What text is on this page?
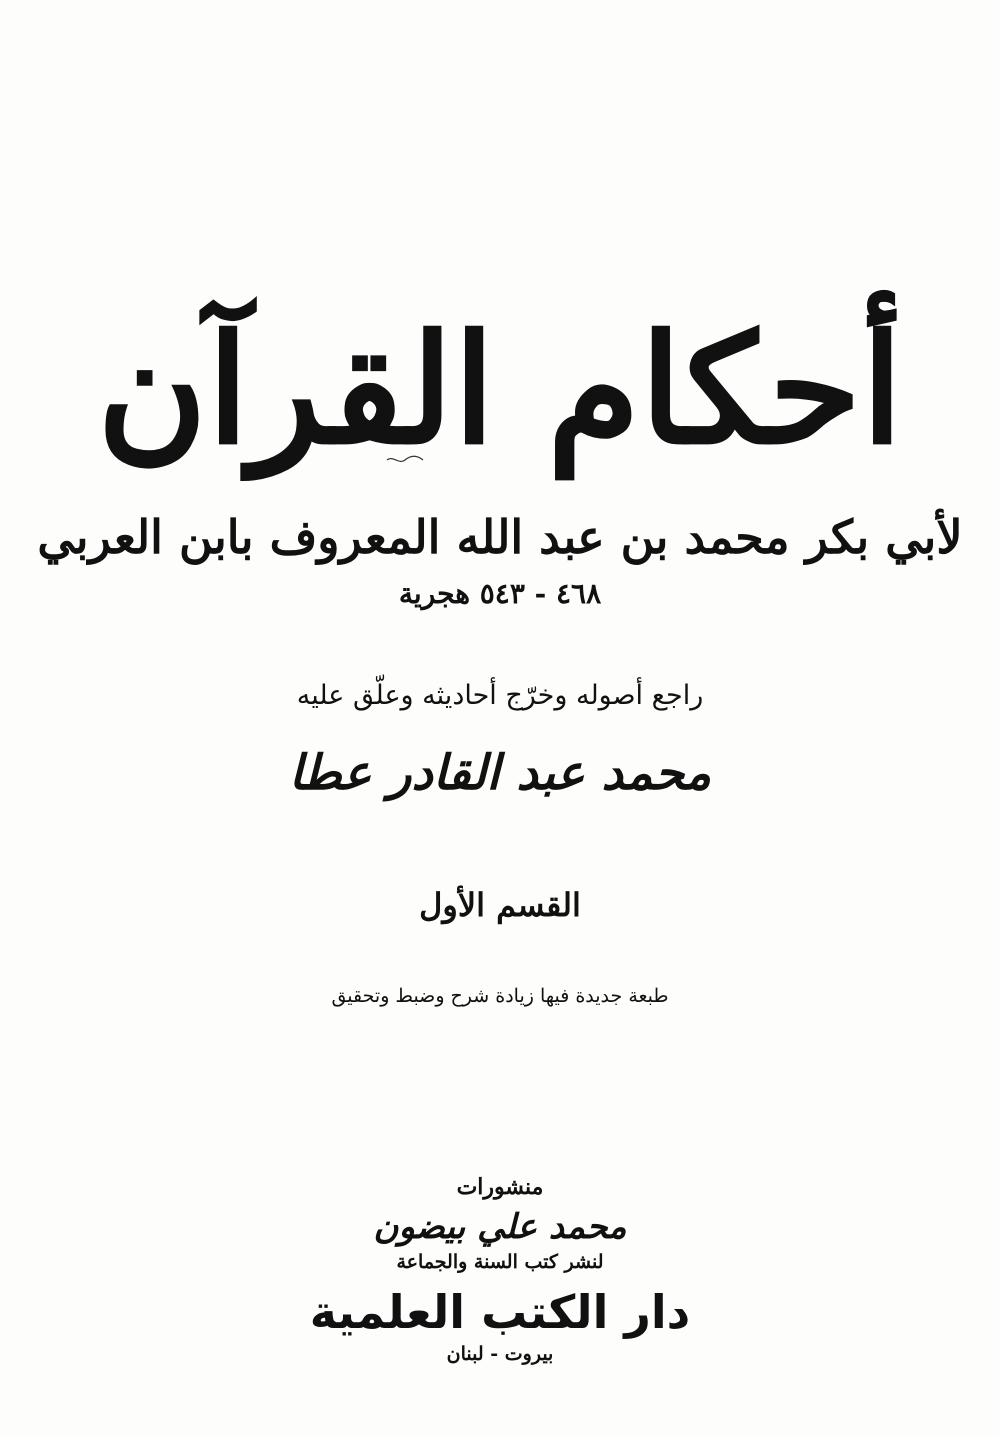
أحكام القرآن
لأبي بكر محمد بن عبد الله المعروف بابن العربي
٤٦٨ - ٥٤٣ هجرية
راجع أصوله وخرّج أحاديثه وعلّق عليه
محمد عبد القادر عطا
القسم الأول
طبعة جديدة فيها زيادة شرح وضبط وتحقيق
منشورات
محمد علي بيضون
لنشر كتب السنة والجماعة
دار الكتب العلمية
بيروت - لبنان
